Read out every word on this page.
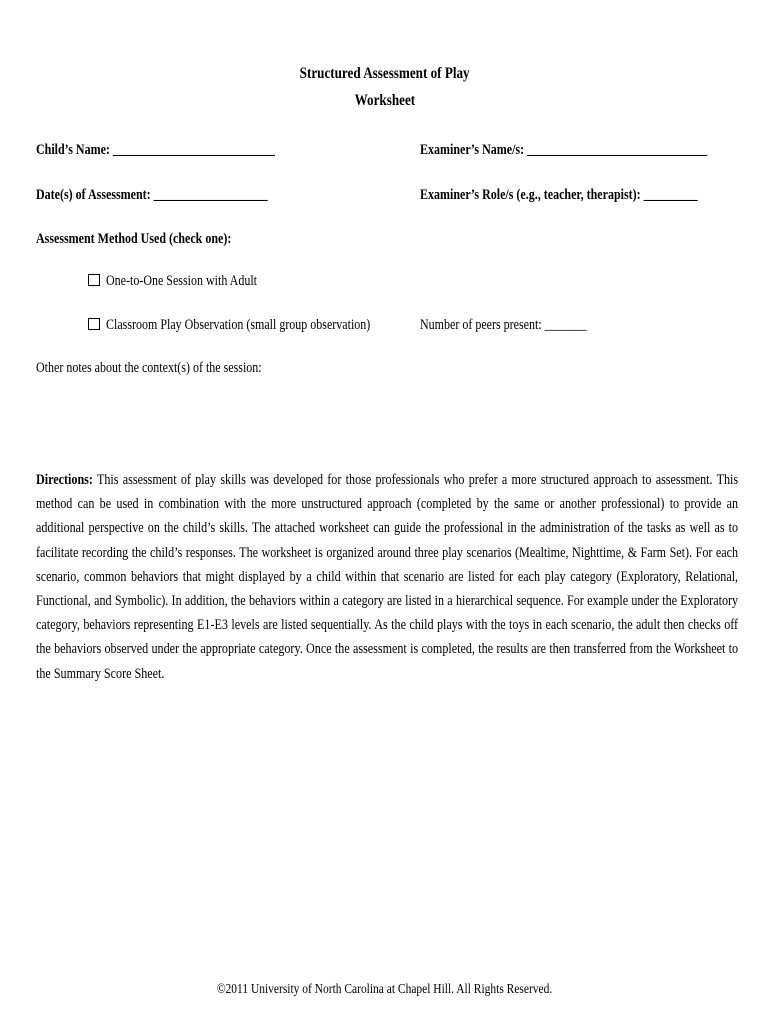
Structured Assessment of Play
Worksheet
Child’s Name: ___________________________	Examiner’s Name/s: ______________________________
Date(s) of Assessment: ___________________	Examiner’s Role/s (e.g., teacher, therapist): _________
Assessment Method Used (check one):
One-to-One Session with Adult
Classroom Play Observation (small group observation)	Number of peers present: _______
Other notes about the context(s) of the session:
Directions: This assessment of play skills was developed for those professionals who prefer a more structured approach to assessment. This method can be used in combination with the more unstructured approach (completed by the same or another professional) to provide an additional perspective on the child’s skills. The attached worksheet can guide the professional in the administration of the tasks as well as to facilitate recording the child’s responses. The worksheet is organized around three play scenarios (Mealtime, Nighttime, & Farm Set). For each scenario, common behaviors that might displayed by a child within that scenario are listed for each play category (Exploratory, Relational, Functional, and Symbolic). In addition, the behaviors within a category are listed in a hierarchical sequence. For example under the Exploratory category, behaviors representing E1-E3 levels are listed sequentially. As the child plays with the toys in each scenario, the adult then checks off the behaviors observed under the appropriate category. Once the assessment is completed, the results are then transferred from the Worksheet to the Summary Score Sheet.
©2011 University of North Carolina at Chapel Hill. All Rights Reserved.
